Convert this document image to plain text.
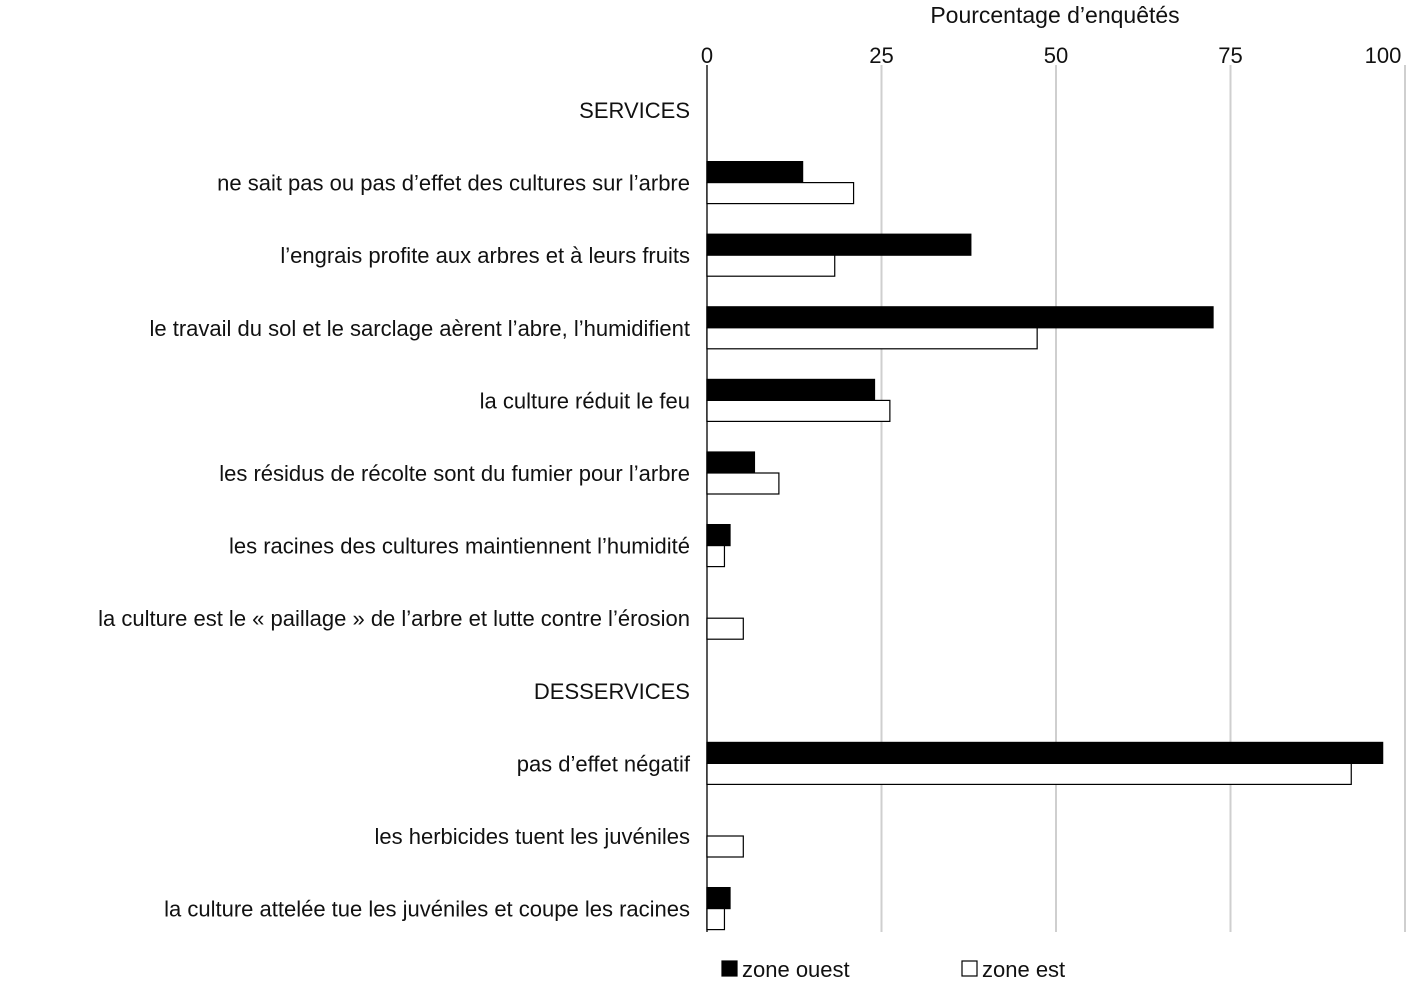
0	25	50	75	100
SERVICES
ne sait pas ou pas d’effet des cultures sur l’arbre
l’engrais profite aux arbres et à leurs fruits
le travail du sol et le sarclage aèrent l’abre, l’humidifient
la culture réduit le feu
les résidus de récolte sont du fumier pour l’arbre
les racines des cultures maintiennent l’humidité
la culture est le « paillage » de l’arbre et lutte contre l’érosion
DESSERVICES
pas d’effet négatif
les herbicides tuent les juvéniles
la culture attelée tue les juvéniles et coupe les racines
Pourcentage d’enquêtés
zone ouest	zone est
